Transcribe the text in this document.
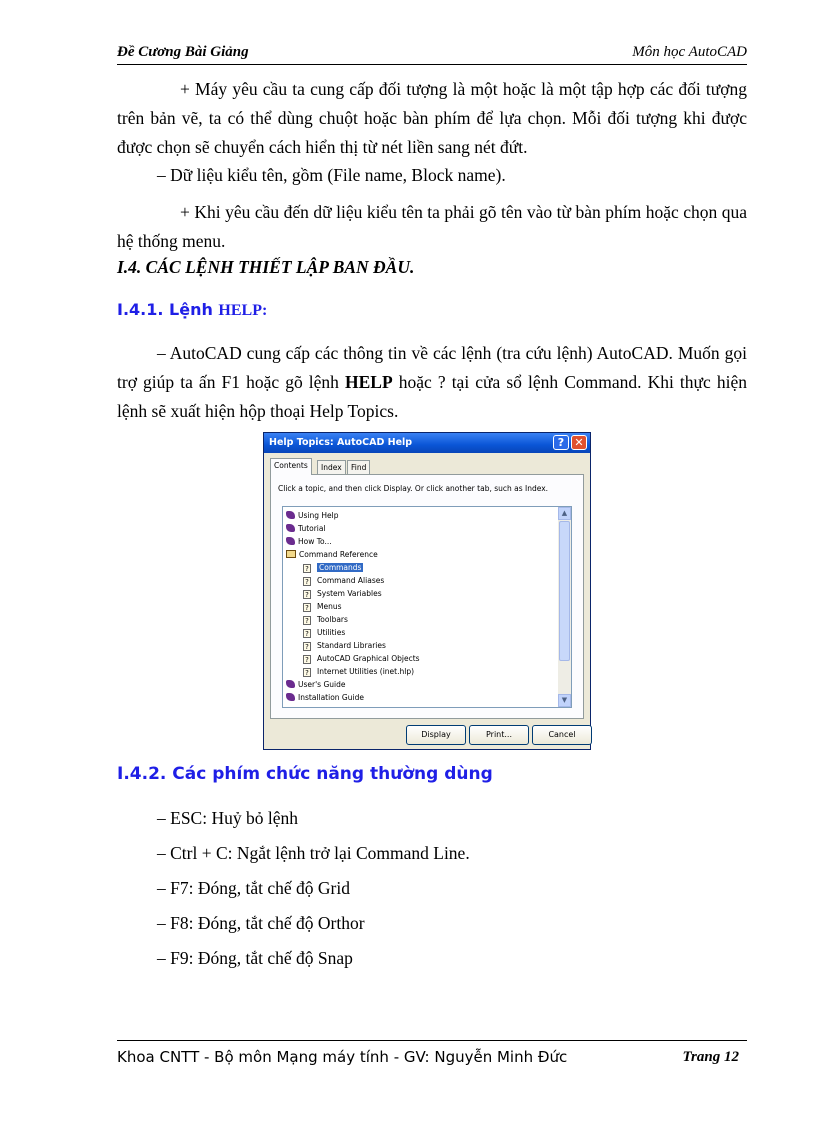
Đề Cương Bài Giảng	Môn học AutoCAD
+ Máy yêu cầu ta cung cấp đối tượng là một hoặc là một tập hợp các đối tượng trên bản vẽ, ta có thể dùng chuột hoặc bàn phím để lựa chọn. Mỗi đối tượng khi được được chọn sẽ chuyển cách hiển thị từ nét liền sang nét đứt.
– Dữ liệu kiểu tên, gồm (File name, Block name).
+ Khi yêu cầu đến dữ liệu kiểu tên ta phải gõ tên vào từ bàn phím hoặc chọn qua hệ thống menu.
I.4. CÁC LỆNH THIẾT LẬP BAN ĐẦU.
I.4.1. Lệnh HELP:
– AutoCAD cung cấp các thông tin về các lệnh (tra cứu lệnh) AutoCAD. Muốn gọi trợ giúp ta ấn F1 hoặc gõ lệnh HELP hoặc ? tại cửa sổ lệnh Command. Khi thực hiện lệnh sẽ xuất hiện hộp thoại Help Topics.
Help Topics: AutoCAD Help	? ✕
Contents	Index	Find
Click a topic, and then click Display. Or click another tab, such as Index.
Using Help
Tutorial
How To...
Command Reference
? Commands
? Command Aliases
? System Variables
? Menus
? Toolbars
? Utilities
? Standard Libraries
? AutoCAD Graphical Objects
? Internet Utilities (inet.hlp)
User's Guide
Installation Guide
▲
▼
Display	Print...	Cancel
I.4.2. Các phím chức năng thường dùng
– ESC: Huỷ bỏ lệnh
– Ctrl + C: Ngắt lệnh trở lại Command Line.
– F7: Đóng, tắt chế độ Grid
– F8: Đóng, tắt chế độ Orthor
– F9: Đóng, tắt chế độ Snap
Khoa CNTT - Bộ môn Mạng máy tính - GV: Nguyễn Minh Đức	Trang 12
